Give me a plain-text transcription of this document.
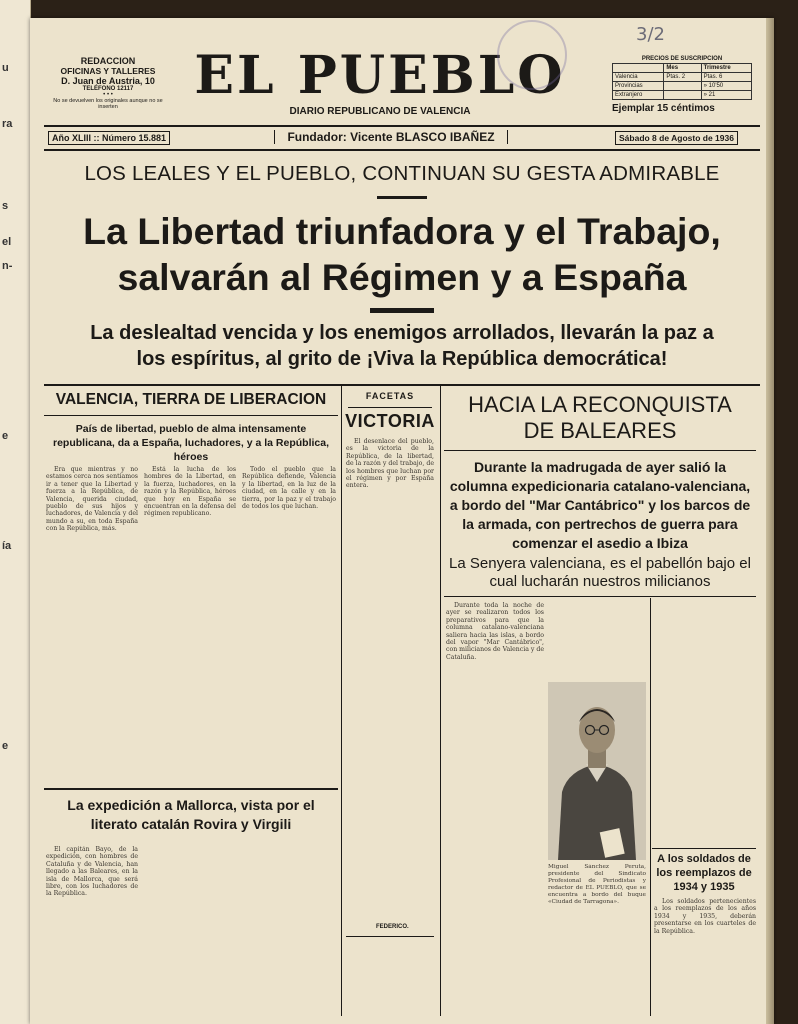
u
ra
s
el
n-
e
ía
e
REDACCION
OFICINAS Y TALLERES
D. Juan de Austria, 10
TELÉFONO 12117
• • •
No se devuelven los originales aunque no se inserten
EL PUEBLO
DIARIO REPUBLICANO DE VALENCIA
3/2
PRECIOS DE SUSCRIPCION
	Mes	Trimestre
Valencia	Ptas. 2	Ptas. 6
Provincias		» 10'50
Extranjero		» 21
Ejemplar 15 céntimos
Año XLIII :: Número 15.881	Fundador: Vicente BLASCO IBAÑEZ	Sábado 8 de Agosto de 1936
LOS LEALES Y EL PUEBLO, CONTINUAN SU GESTA ADMIRABLE
La Libertad triunfadora y el Trabajo,
salvarán al Régimen y a España
La deslealtad vencida y los enemigos arrollados, llevarán la paz a
los espíritus, al grito de ¡Viva la República democrática!
VALENCIA, TIERRA DE LIBERACION
País de libertad, pueblo de alma intensamente republicana, da a España, luchadores, y a la República, héroes
Era que mientras y no estamos cerca nos sentíamos ir a tener que la Libertad y fuerza a la República, de Valencia, querida ciudad, pueblo de sus hijos y luchadores, de Valencia y del mundo a su, en toda España con la República, más.
Está la lucha de los hombres de la Libertad, en la fuerza, luchadores, en la razón y la República, héroes que hoy en España se encuentran en la defensa del régimen republicano.
Todo el pueblo que la República defiende, Valencia y la libertad, en la luz de la ciudad, en la calle y en la tierra, por la paz y el trabajo de todos los que luchan.
La expedición a Mallorca, vista por el literato catalán Rovira y Virgili
El capitán Bayo, de la expedición, con hombres de Cataluña y de Valencia, han llegado a las Baleares, en la isla de Mallorca, que será libre, con los luchadores de la República.
FACETAS
VICTORIA
El desenlace del pueblo, es la victoria de la República, de la libertad, de la razón y del trabajo, de los hombres que luchan por el régimen y por España entera.
FEDERICO.
HACIA LA RECONQUISTA
DE BALEARES
Durante la madrugada de ayer salió la columna expedicionaria catalano-valenciana, a bordo del "Mar Cantábrico" y los barcos de la armada, con pertrechos de guerra para comenzar el asedio a Ibiza
La Senyera valenciana, es el pabellón bajo el cual lucharán nuestros milicianos
Durante toda la noche de ayer se realizaron todos los preparativos para que la columna catalano-valenciana saliera hacia las islas, a bordo del vapor "Mar Cantábrico", con milicianos de Valencia y de Cataluña.
Miguel Sánchez Peruta, presidente del Sindicato Profesional de Periodistas y redactor de EL PUEBLO, que se encuentra a bordo del buque «Ciudad de Tarragona».
A los soldados de los reemplazos de 1934 y 1935
Los soldados pertenecientes a los reemplazos de los años 1934 y 1935, deberán presentarse en los cuarteles de la República.
